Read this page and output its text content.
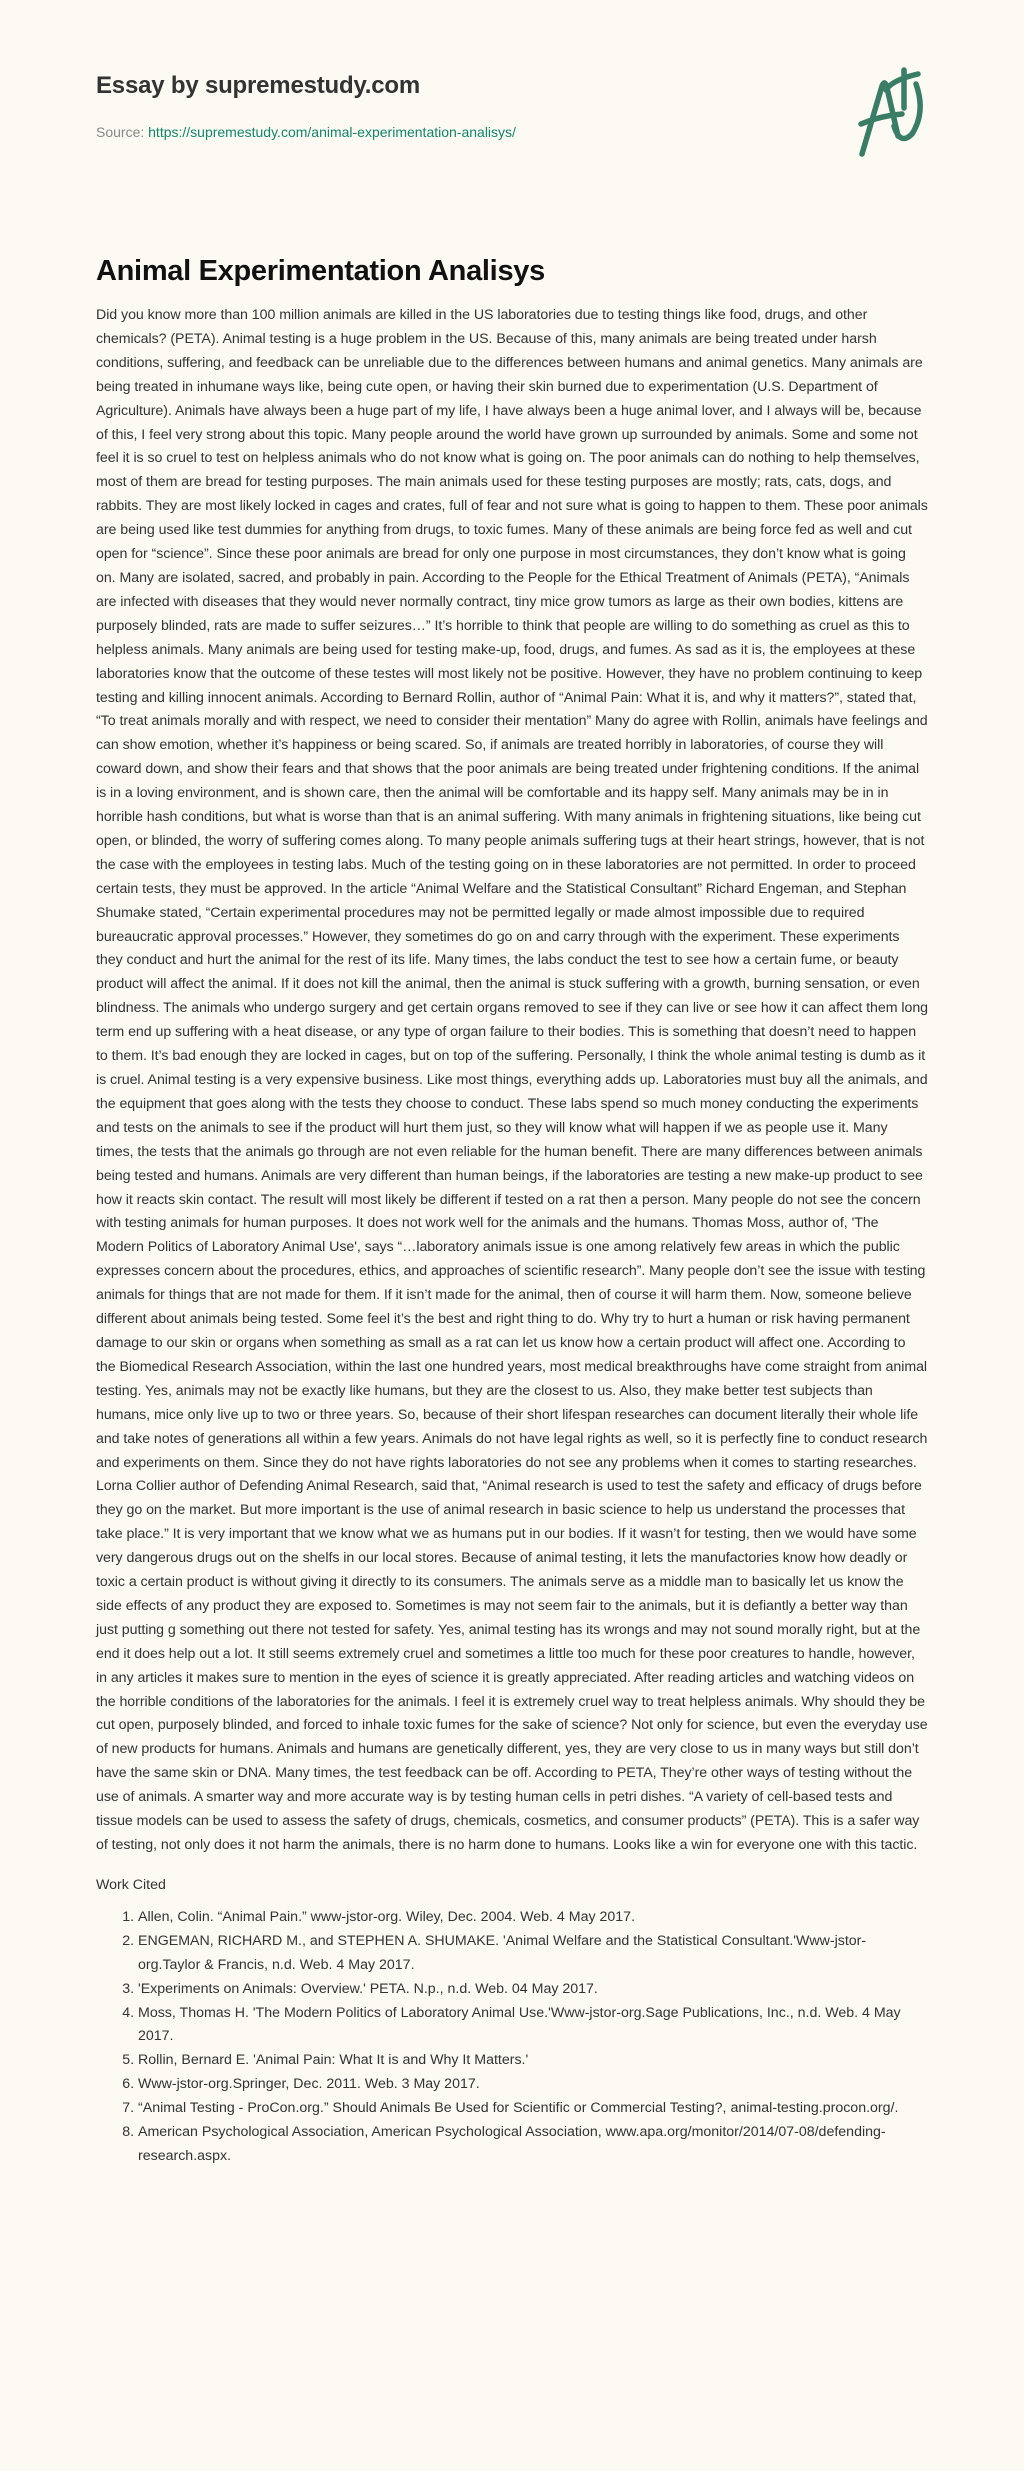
Essay by supremestudy.com
Source: https://supremestudy.com/animal-experimentation-analisys/
Animal Experimentation Analisys

Did you know more than 100 million animals are killed in the US laboratories due to testing things like food, drugs, and other chemicals? (PETA). Animal testing is a huge problem in the US. Because of this, many animals are being treated under harsh conditions, suffering, and feedback can be unreliable due to the differences between humans and animal genetics. Many animals are being treated in inhumane ways like, being cute open, or having their skin burned due to experimentation (U.S. Department of Agriculture). Animals have always been a huge part of my life, I have always been a huge animal lover, and I always will be, because of this, I feel very strong about this topic. Many people around the world have grown up surrounded by animals. Some and some not feel it is so cruel to test on helpless animals who do not know what is going on. The poor animals can do nothing to help themselves, most of them are bread for testing purposes. The main animals used for these testing purposes are mostly; rats, cats, dogs, and rabbits. They are most likely locked in cages and crates, full of fear and not sure what is going to happen to them. These poor animals are being used like test dummies for anything from drugs, to toxic fumes. Many of these animals are being force fed as well and cut open for “science”. Since these poor animals are bread for only one purpose in most circumstances, they don’t know what is going on. Many are isolated, sacred, and probably in pain. According to the People for the Ethical Treatment of Animals (PETA), “Animals are infected with diseases that they would never normally contract, tiny mice grow tumors as large as their own bodies, kittens are purposely blinded, rats are made to suffer seizures…” It’s horrible to think that people are willing to do something as cruel as this to helpless animals. Many animals are being used for testing make-up, food, drugs, and fumes. As sad as it is, the employees at these laboratories know that the outcome of these testes will most likely not be positive. However, they have no problem continuing to keep testing and killing innocent animals. According to Bernard Rollin, author of “Animal Pain: What it is, and why it matters?”, stated that, “To treat animals morally and with respect, we need to consider their mentation” Many do agree with Rollin, animals have feelings and can show emotion, whether it’s happiness or being scared. So, if animals are treated horribly in laboratories, of course they will coward down, and show their fears and that shows that the poor animals are being treated under frightening conditions. If the animal is in a loving environment, and is shown care, then the animal will be comfortable and its happy self. Many animals may be in in horrible hash conditions, but what is worse than that is an animal suffering. With many animals in frightening situations, like being cut open, or blinded, the worry of suffering comes along. To many people animals suffering tugs at their heart strings, however, that is not the case with the employees in testing labs. Much of the testing going on in these laboratories are not permitted. In order to proceed certain tests, they must be approved. In the article “Animal Welfare and the Statistical Consultant” Richard Engeman, and Stephan Shumake stated, “Certain experimental procedures may not be permitted legally or made almost impossible due to required bureaucratic approval processes.” However, they sometimes do go on and carry through with the experiment. These experiments they conduct and hurt the animal for the rest of its life. Many times, the labs conduct the test to see how a certain fume, or beauty product will affect the animal. If it does not kill the animal, then the animal is stuck suffering with a growth, burning sensation, or even blindness. The animals who undergo surgery and get certain organs removed to see if they can live or see how it can affect them long term end up suffering with a heat disease, or any type of organ failure to their bodies. This is something that doesn’t need to happen to them. It’s bad enough they are locked in cages, but on top of the suffering. Personally, I think the whole animal testing is dumb as it is cruel. Animal testing is a very expensive business. Like most things, everything adds up. Laboratories must buy all the animals, and the equipment that goes along with the tests they choose to conduct. These labs spend so much money conducting the experiments and tests on the animals to see if the product will hurt them just, so they will know what will happen if we as people use it. Many times, the tests that the animals go through are not even reliable for the human benefit. There are many differences between animals being tested and humans. Animals are very different than human beings, if the laboratories are testing a new make-up product to see how it reacts skin contact. The result will most likely be different if tested on a rat then a person. Many people do not see the concern with testing animals for human purposes. It does not work well for the animals and the humans. Thomas Moss, author of, 'The Modern Politics of Laboratory Animal Use', says “…laboratory animals issue is one among relatively few areas in which the public expresses concern about the procedures, ethics, and approaches of scientific research”. Many people don’t see the issue with testing animals for things that are not made for them. If it isn’t made for the animal, then of course it will harm them. Now, someone believe different about animals being tested. Some feel it’s the best and right thing to do. Why try to hurt a human or risk having permanent damage to our skin or organs when something as small as a rat can let us know how a certain product will affect one. According to the Biomedical Research Association, within the last one hundred years, most medical breakthroughs have come straight from animal testing. Yes, animals may not be exactly like humans, but they are the closest to us. Also, they make better test subjects than humans, mice only live up to two or three years. So, because of their short lifespan researches can document literally their whole life and take notes of generations all within a few years. Animals do not have legal rights as well, so it is perfectly fine to conduct research and experiments on them. Since they do not have rights laboratories do not see any problems when it comes to starting researches. Lorna Collier author of Defending Animal Research, said that, “Animal research is used to test the safety and efficacy of drugs before they go on the market. But more important is the use of animal research in basic science to help us understand the processes that take place.” It is very important that we know what we as humans put in our bodies. If it wasn’t for testing, then we would have some very dangerous drugs out on the shelfs in our local stores. Because of animal testing, it lets the manufactories know how deadly or toxic a certain product is without giving it directly to its consumers. The animals serve as a middle man to basically let us know the side effects of any product they are exposed to. Sometimes is may not seem fair to the animals, but it is defiantly a better way than just putting g something out there not tested for safety. Yes, animal testing has its wrongs and may not sound morally right, but at the end it does help out a lot. It still seems extremely cruel and sometimes a little too much for these poor creatures to handle, however, in any articles it makes sure to mention in the eyes of science it is greatly appreciated. After reading articles and watching videos on the horrible conditions of the laboratories for the animals. I feel it is extremely cruel way to treat helpless animals. Why should they be cut open, purposely blinded, and forced to inhale toxic fumes for the sake of science? Not only for science, but even the everyday use of new products for humans. Animals and humans are genetically different, yes, they are very close to us in many ways but still don’t have the same skin or DNA. Many times, the test feedback can be off. According to PETA, They’re other ways of testing without the use of animals. A smarter way and more accurate way is by testing human cells in petri dishes. “A variety of cell-based tests and tissue models can be used to assess the safety of drugs, chemicals, cosmetics, and consumer products” (PETA). This is a safer way of testing, not only does it not harm the animals, there is no harm done to humans. Looks like a win for everyone one with this tactic.

Work Cited

1. Allen, Colin. “Animal Pain.” www-jstor-org. Wiley, Dec. 2004. Web. 4 May 2017.
2. ENGEMAN, RICHARD M., and STEPHEN A. SHUMAKE. 'Animal Welfare and the Statistical Consultant.'Www-jstor-org.Taylor & Francis, n.d. Web. 4 May 2017.
3. 'Experiments on Animals: Overview.' PETA. N.p., n.d. Web. 04 May 2017.
4. Moss, Thomas H. 'The Modern Politics of Laboratory Animal Use.'Www-jstor-org.Sage Publications, Inc., n.d. Web. 4 May 2017.
5. Rollin, Bernard E. 'Animal Pain: What It is and Why It Matters.'
6. Www-jstor-org.Springer, Dec. 2011. Web. 3 May 2017.
7. “Animal Testing - ProCon.org.” Should Animals Be Used for Scientific or Commercial Testing?, animal-testing.procon.org/.
8. American Psychological Association, American Psychological Association, www.apa.org/monitor/2014/07-08/defending-research.aspx.
